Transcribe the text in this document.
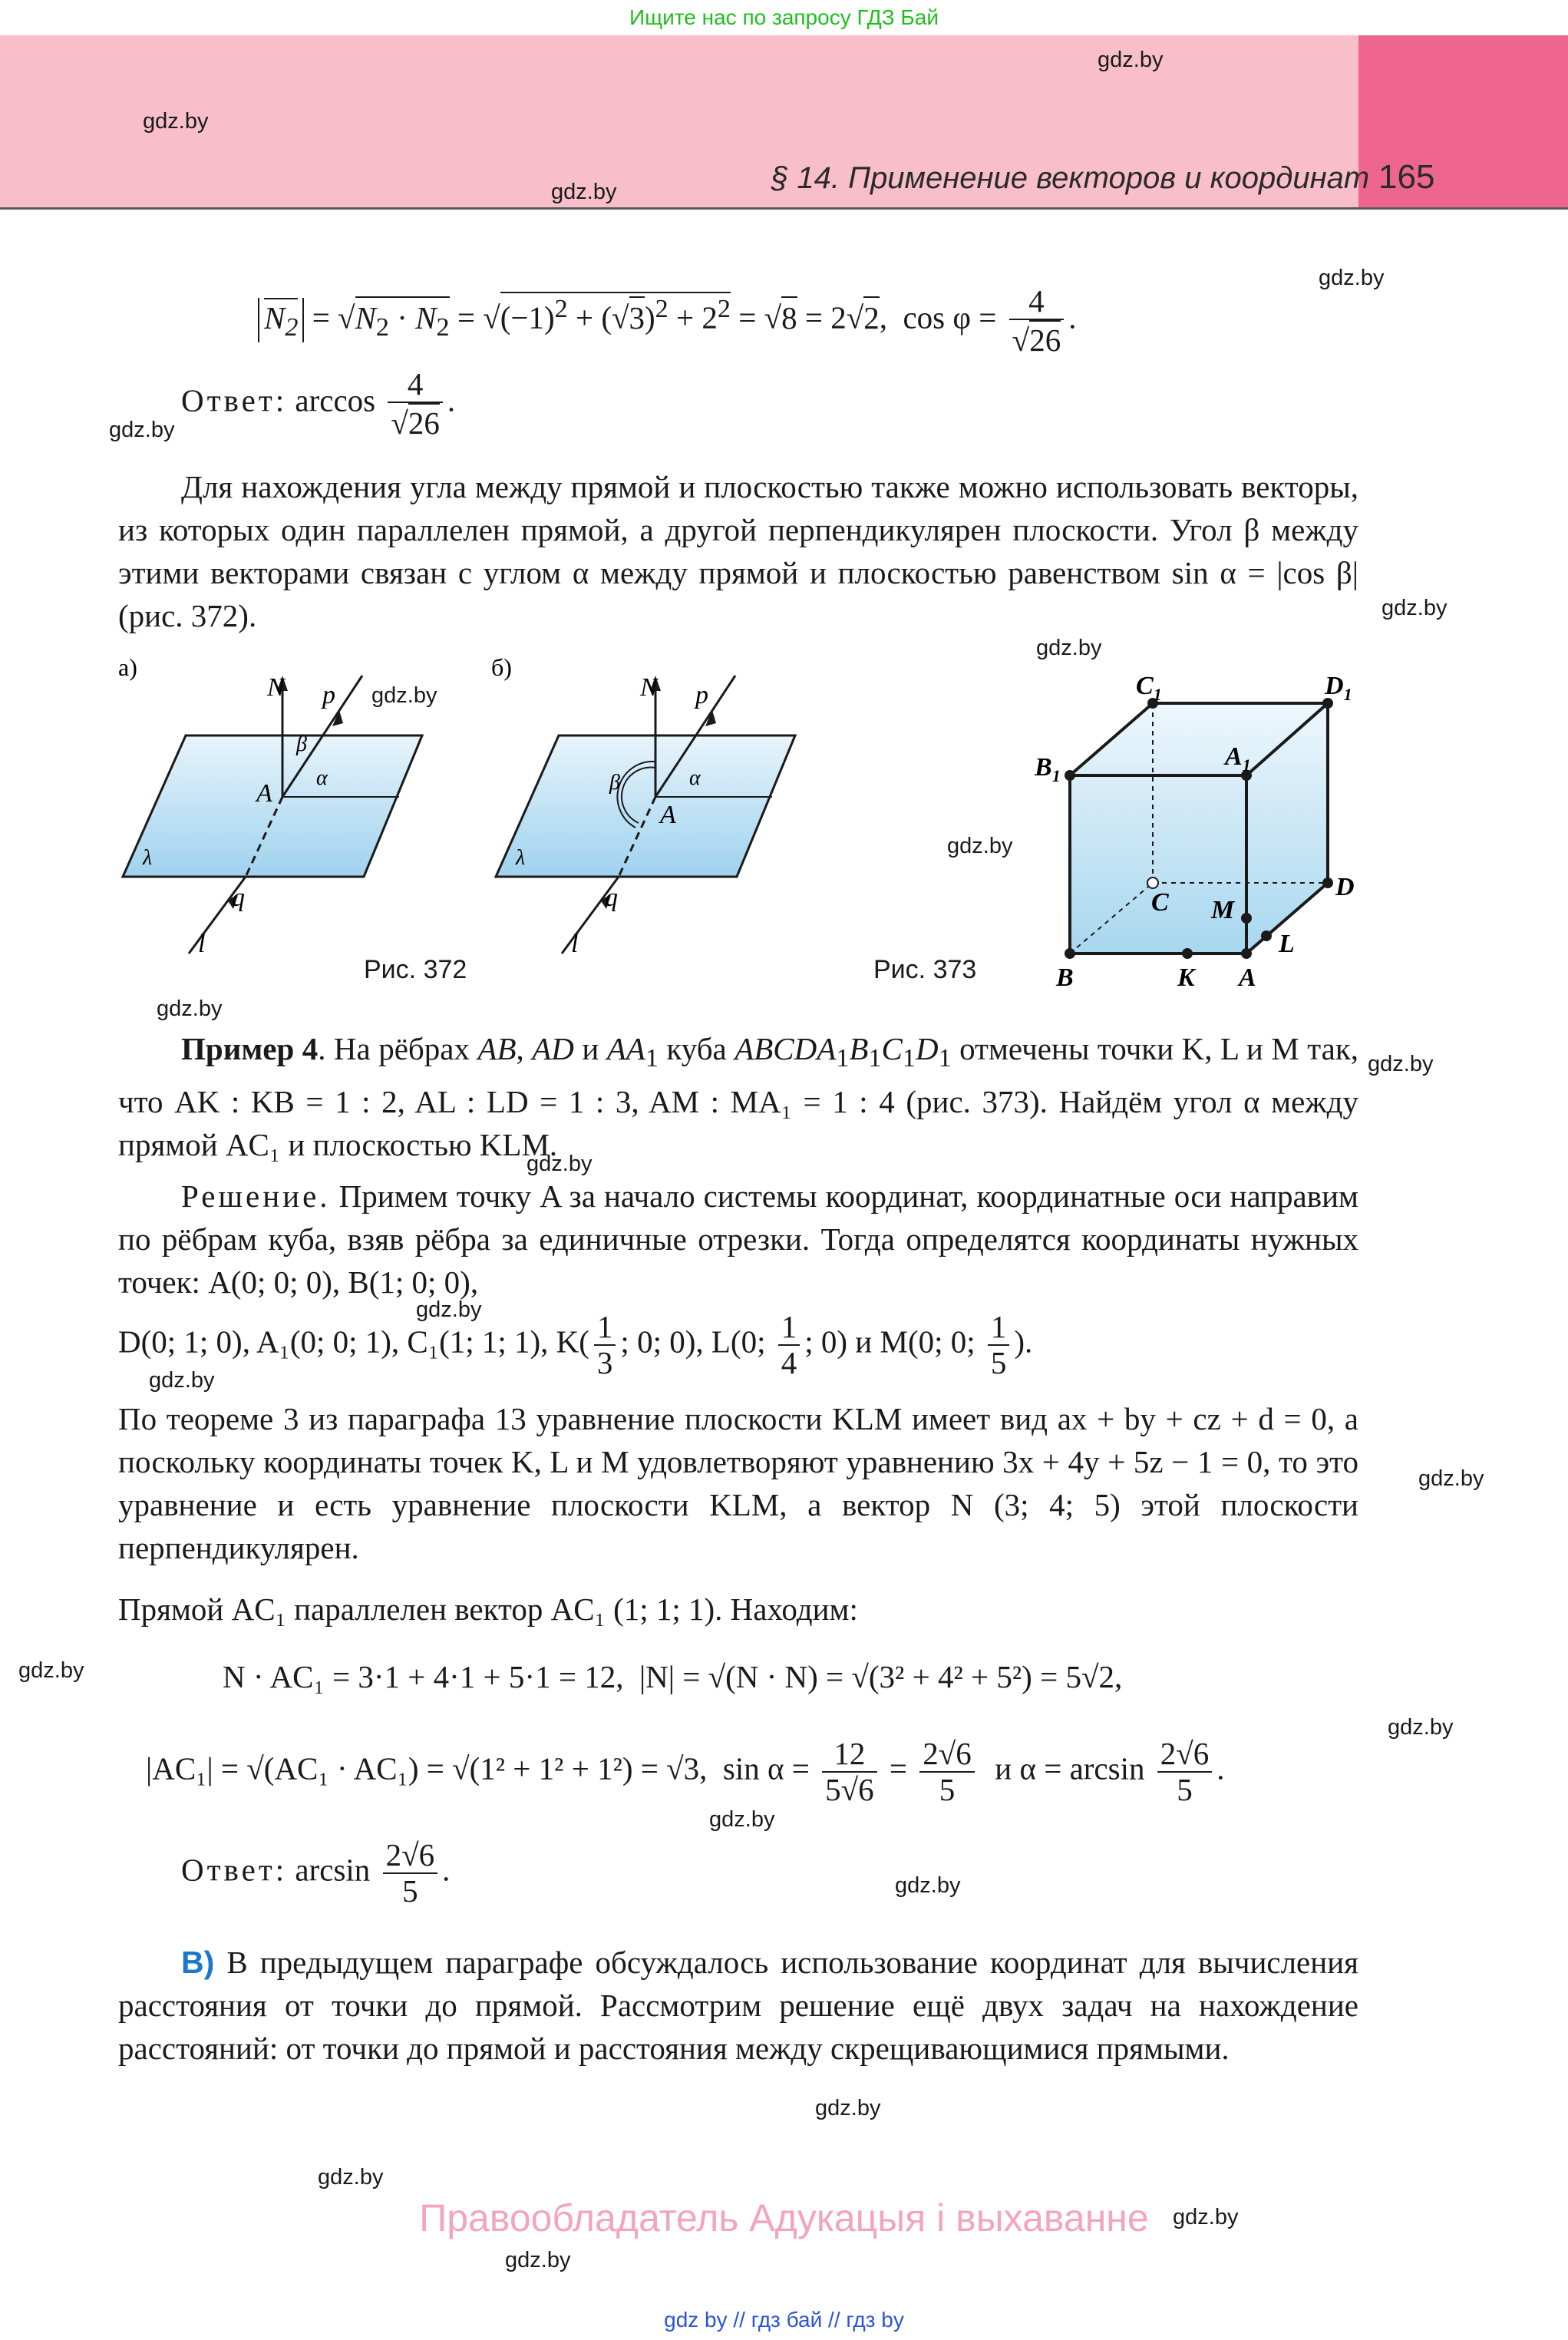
Ищите нас по запросу ГДЗ Бай
§ 14. Применение векторов и координат 165
gdz.by
gdz.by
gdz.by
gdz.by
gdz.by
gdz.by
gdz.by
gdz.by
gdz.by
gdz.by
gdz.by
gdz.by
gdz.by
gdz.by
gdz.by
gdz.by
gdz.by
gdz.by
gdz.by
gdz.by
gdz.by
gdz.by
gdz.by
$N_2 = √N_2 \cdot N_2 = √(-1)^2 + (√3)^2 + 2^2 = √8 = 2√2$,  $\cos \varphi = \frac{4}{√26}$ .
Ответ: $\arccos \frac{4}{√26}$ .
Для нахождения угла между прямой и плоскостью также можно использовать векторы, из которых один параллелен прямой, а другой перпендикулярен плоскости. Угол β между этими векторами связан с углом α между прямой и плоскостью равенством sin α = |cos β| (рис. 372).
а)
N p
β
α
A
λ
q
l
б)
N p
β	α
A
λ
q
l
Рис. 372
$C_1$	$D_1$
$B_1$
$A_1$
C
D
M
L
B	K A
Рис. 373
Пример 4. На рёбрах AB, AD и $AA_1$ куба $ABCDA_1B_1C_1D_1$ отмечены точки K, L и M так, что AK : KB = 1 : 2, AL : LD = 1 : 3, AM : MA₁ = 1 : 4 (рис. 373). Найдём угол α между прямой AC₁ и плоскостью KLM.
Решение. Примем точку A за начало системы координат, координатные оси направим по рёбрам куба, взяв рёбра за единичные отрезки. Тогда определятся координаты нужных точек: A(0; 0; 0), B(1; 0; 0),
D(0; 1; 0), A₁(0; 0; 1), C₁(1; 1; 1), $K( \frac{1}{3}$ ; 0; 0), L(0; $\frac{1}{4}$ ; 0) и M(0; 0; $\frac{1}{5}$ ).
По теореме 3 из параграфа 13 уравнение плоскости KLM имеет вид ax + by + cz + d = 0, а поскольку координаты точек K, L и M удовлетворяют уравнению 3x + 4y + 5z − 1 = 0, то это уравнение и есть уравнение плоскости KLM, а вектор N (3; 4; 5) этой плоскости перпендикулярен.
Прямой AC₁ параллелен вектор AC₁ (1; 1; 1). Находим:
N · AC₁ = 3·1 + 4·1 + 5·1 = 12, |N| = √(N · N) = √(3² + 4² + 5²) = 5√2,
|AC₁| = √(AC₁ · AC₁) = √(1² + 1² + 1²) = √3, $\sin \alpha = \frac{12}{5√6} = \frac{2√6}{5}$ и $\alpha = \arcsin \frac{2√6}{5}$ .
Ответ: $\arcsin \frac{2√6}{5}$ .
В) В предыдущем параграфе обсуждалось использование координат для вычисления расстояния от точки до прямой. Рассмотрим решение ещё двух задач на нахождение расстояний: от точки до прямой и расстояния между скрещивающимися прямыми.
Правообладатель Адукацыя і выхаванне
gdz by // гдз бай // гдз by
